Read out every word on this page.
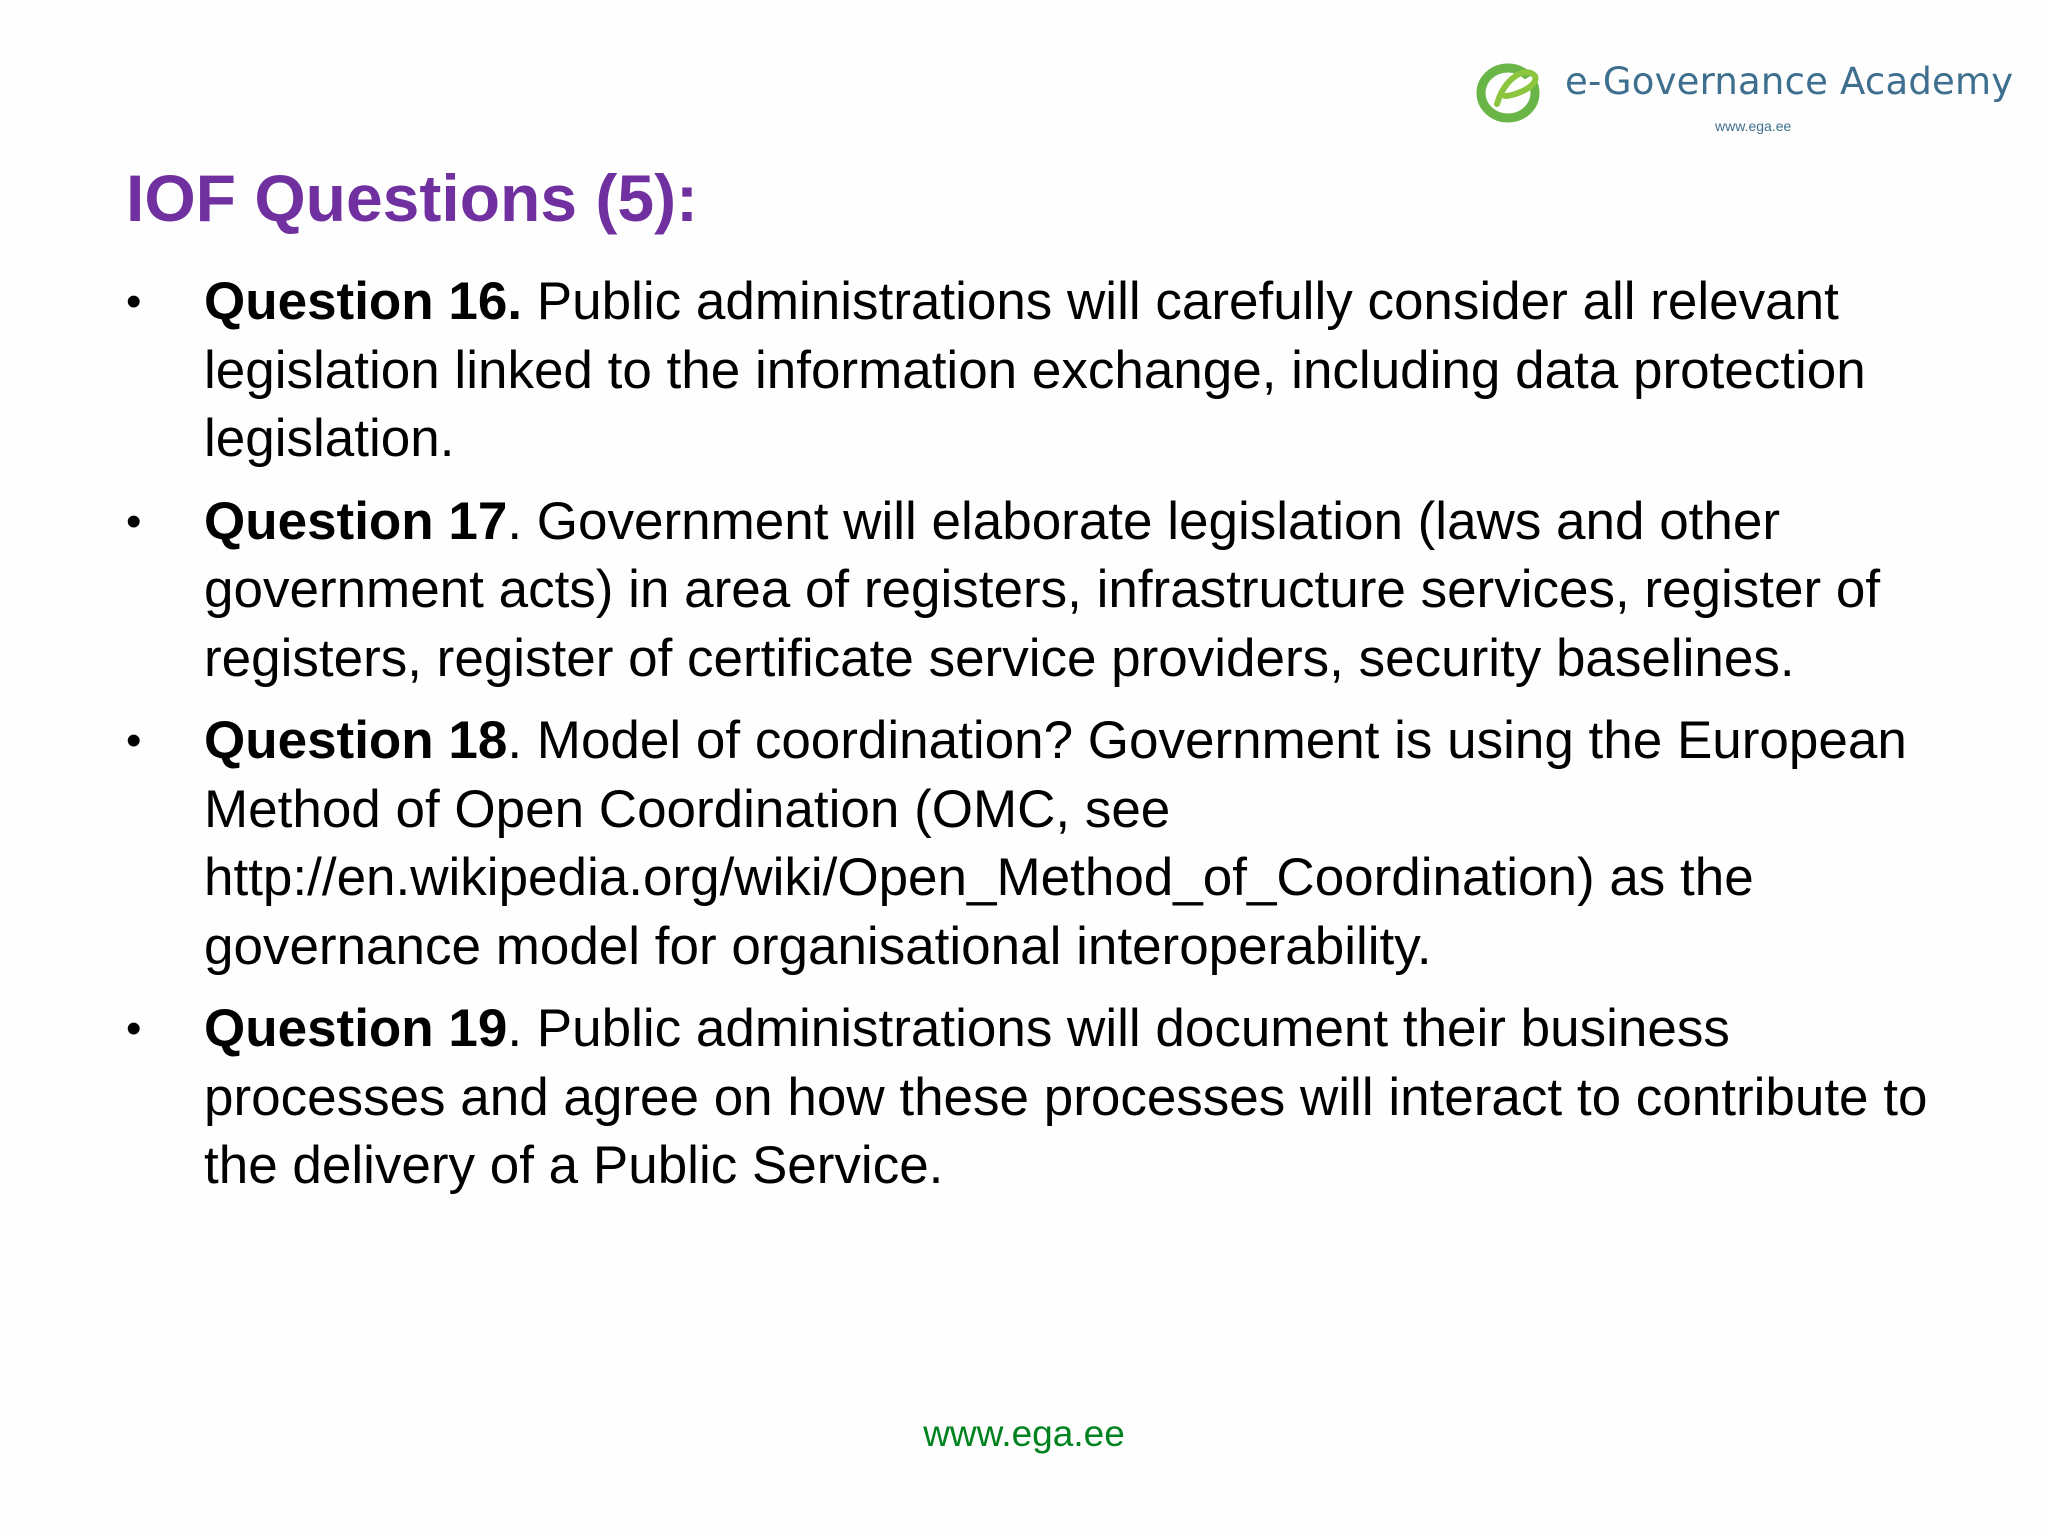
e-Governance Academy
www.ega.ee
IOF Questions (5):
• Question 16. Public administrations will carefully consider all relevant legislation linked to the information exchange, including data protection legislation.
• Question 17. Government will elaborate legislation (laws and other government acts) in area of registers, infrastructure services, register of registers, register of certificate service providers, security baselines.
• Question 18. Model of coordination? Government is using the European Method of Open Coordination (OMC, see http://en.wikipedia.org/wiki/Open_Method_of_Coordination) as the governance model for organisational interoperability.
• Question 19. Public administrations will document their business processes and agree on how these processes will interact to contribute to the delivery of a Public Service.
www.ega.ee
